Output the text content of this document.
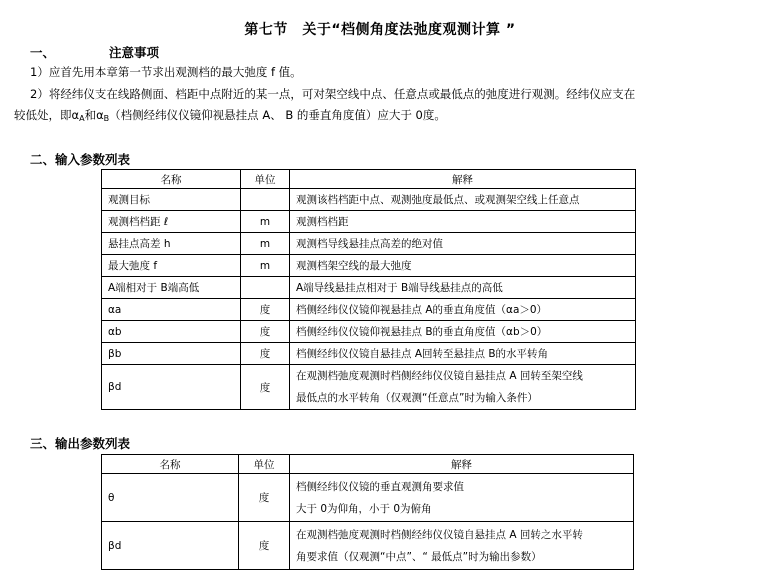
第七节　关于“档侧角度法弛度观测计算 ”
一、	注意事项
1）应首先用本章第一节求出观测档的最大弛度 f 值。
2）将经纬仪支在线路侧面、档距中点附近的某一点，可对架空线中点、任意点或最低点的弛度进行观测。经纬仪应支在
较低处，即$\alpha_A$和$\alpha_B$（档侧经纬仪仪镜仰视悬挂点 A、 B 的垂直角度值）应大于 0度。
二、输入参数列表
名称	单位	解释
观测目标		观测该档档距中点、观测弛度最低点、或观测架空线上任意点

观测档档距 ℓ	m	观测档档距

悬挂点高差 h	m	观测档导线悬挂点高差的绝对值

最大弛度 f	m	观测档架空线的最大弛度

A端相对于 B端高低		A端导线悬挂点相对于 B端导线悬挂点的高低

αa	度	档侧经纬仪仪镜仰视悬挂点 A的垂直角度值（αa＞0）

αb	度	档侧经纬仪仪镜仰视悬挂点 B的垂直角度值（αb＞0）

βb	度	档侧经纬仪仪镜自悬挂点 A回转至悬挂点 B的水平转角

βd	度	在观测档弛度观测时档侧经纬仪仪镜自悬挂点 A 回转至架空线
最低点的水平转角（仅观测“任意点”时为输入条件）
三、输出参数列表
名称	单位	解释
θ	度	档侧经纬仪仪镜的垂直观测角要求值
大于 0为仰角，小于 0为俯角

βd	度	在观测档弛度观测时档侧经纬仪仪镜自悬挂点 A 回转之水平转
角要求值（仅观测“中点”、“ 最低点”时为输出参数）
